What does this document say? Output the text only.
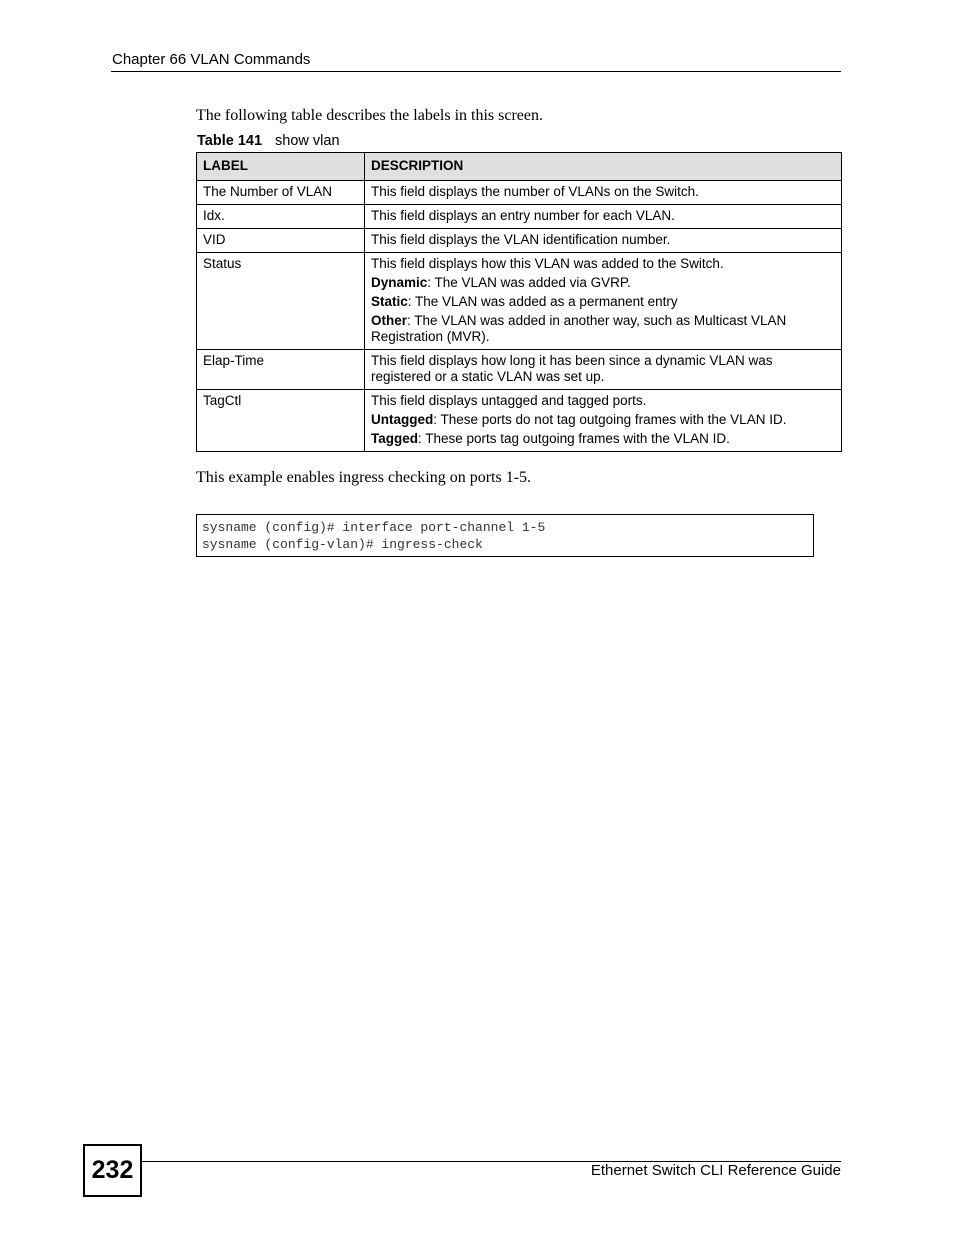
Chapter 66 VLAN Commands
The following table describes the labels in this screen.
Table 141 show vlan
LABEL	DESCRIPTION
The Number of VLAN	This field displays the number of VLANs on the Switch.
Idx.	This field displays an entry number for each VLAN.
VID	This field displays the VLAN identification number.
Status	This field displays how this VLAN was added to the Switch.
Dynamic: The VLAN was added via GVRP.
Static: The VLAN was added as a permanent entry
Other: The VLAN was added in another way, such as Multicast VLAN Registration (MVR).

Elap-Time	This field displays how long it has been since a dynamic VLAN was registered or a static VLAN was set up.
TagCtl	This field displays untagged and tagged ports.
Untagged: These ports do not tag outgoing frames with the VLAN ID.
Tagged: These ports tag outgoing frames with the VLAN ID.
This example enables ingress checking on ports 1-5.
sysname (config)# interface port-channel 1-5
sysname (config-vlan)# ingress-check
232	Ethernet Switch CLI Reference Guide
